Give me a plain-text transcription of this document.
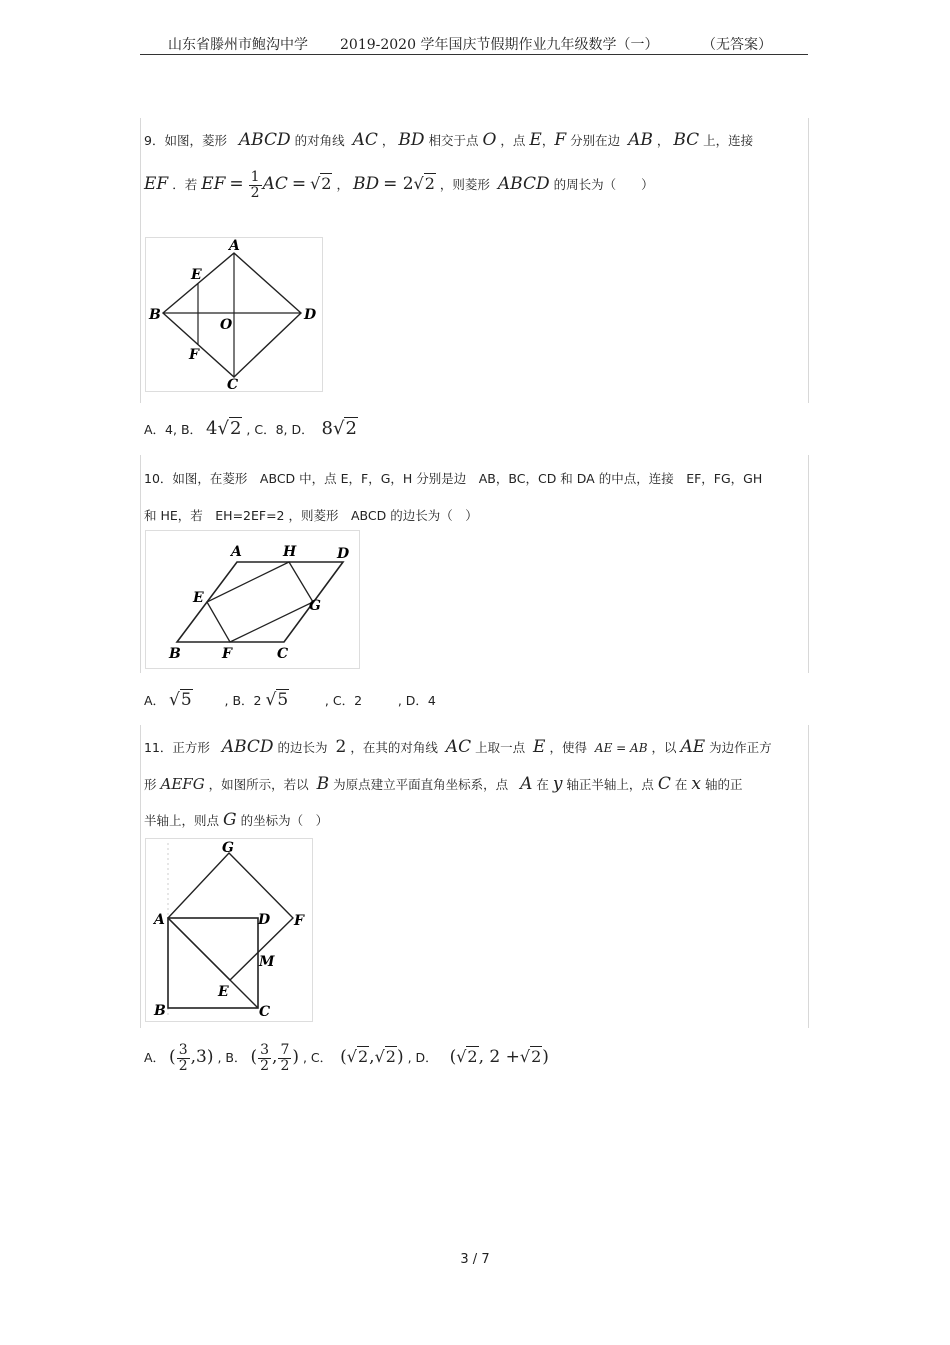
山东省滕州市鲍沟中学 2019-2020 学年国庆节假期作业九年级数学（一）	（无答案）
9．如图，菱形 ABCD 的对角线 AC ， BD 相交于点 O ，点 E，F 分别在边 AB ， BC 上，连接
EF ．若 EF = $\frac{1}{2}$ AC = √2 ， BD = 2√2 ，则菱形 ABCD 的周长为（　　）
A
B
C
D
E
F
O
A．4, B． 4√2 , C．8, D． 8√2
10．如图，在菱形　ABCD 中，点 E，F，G，H 分别是边　AB，BC，CD 和 DA 的中点，连接　EF，FG，GH
和 HE，若　EH=2EF=2 ，则菱形　ABCD 的边长为（　）
A	H	D
E	G
B	F	C
A． √5	, B．2 √5	, C．2	, D．4
11．正方形 ABCD 的边长为 2 ，在其的对角线 AC 上取一点 E ，使得 AE = AB ，以 AE 为边作正方
形 AEFG ，如图所示，若以 B 为原点建立平面直角坐标系，点 A 在 y 轴正半轴上，点 C 在 x 轴的正
半轴上，则点 G 的坐标为（　）
G
A	D F
M
E
B	C
A． ( $\frac{3}{2} ,3$) , B． ( $\frac{3}{2}$ , $\frac{7}{2}$ ) , C． (√2,√2) , D． (√2, 2 +√2)
3 / 7
